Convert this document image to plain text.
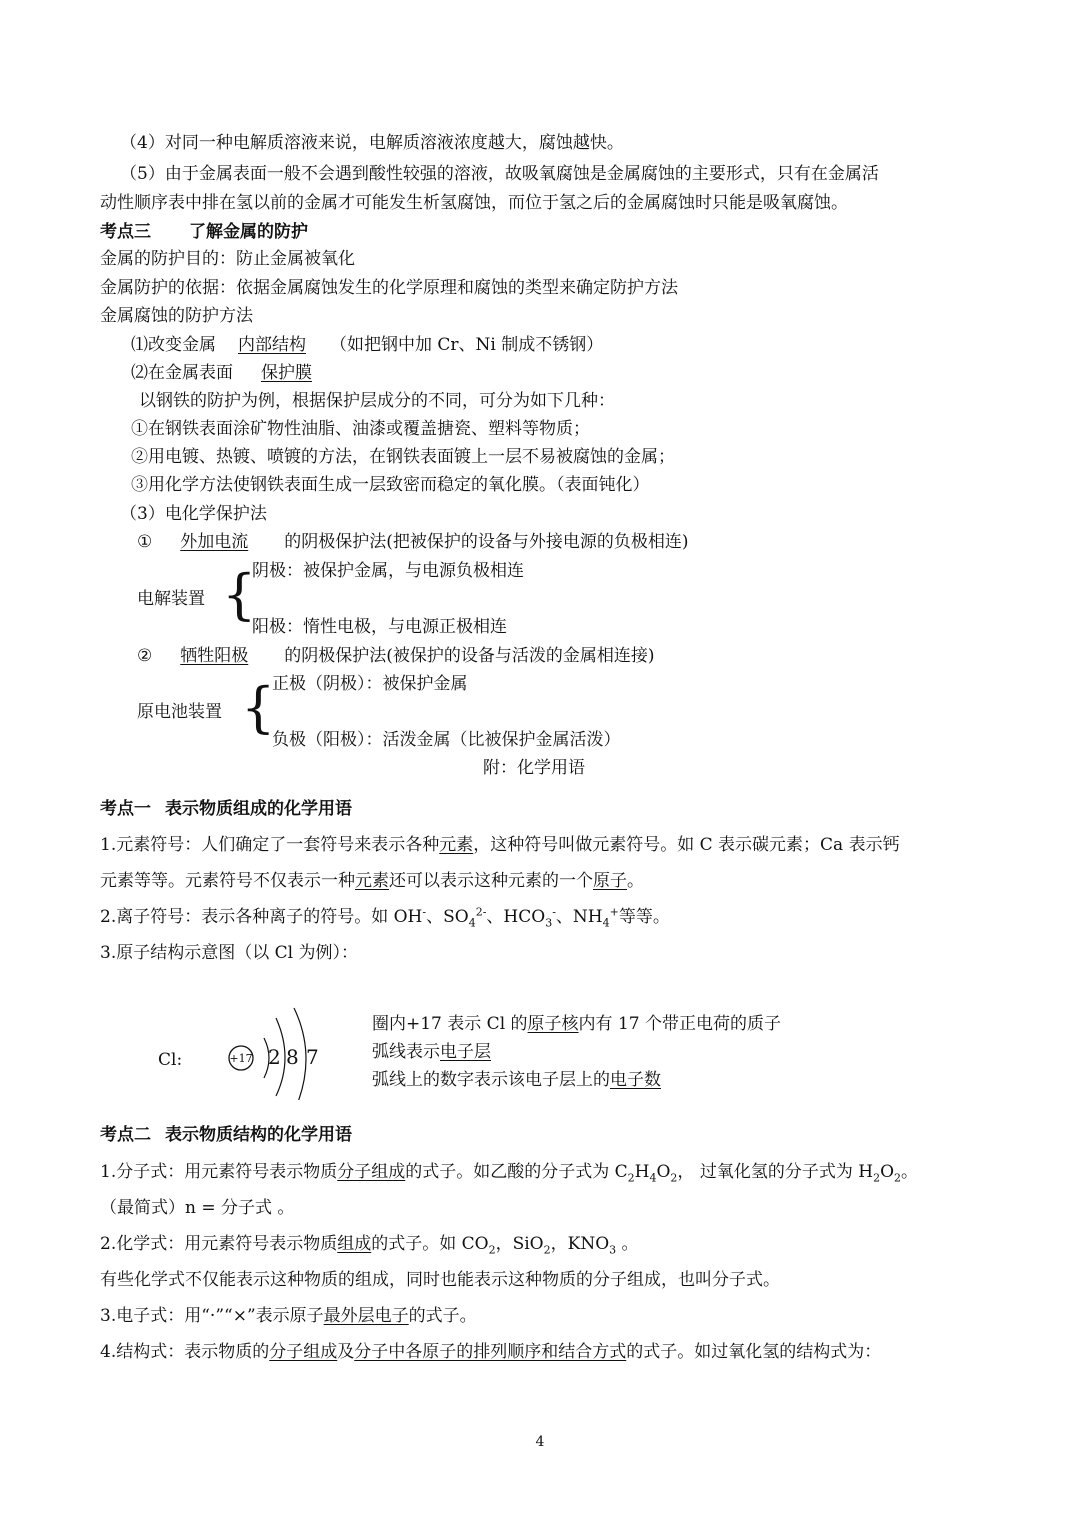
（4）对同一种电解质溶液来说，电解质溶液浓度越大，腐蚀越快。
（5）由于金属表面一般不会遇到酸性较强的溶液，故吸氧腐蚀是金属腐蚀的主要形式，只有在金属活
动性顺序表中排在氢以前的金属才可能发生析氢腐蚀，而位于氢之后的金属腐蚀时只能是吸氧腐蚀。
考点三 了解金属的防护
金属的防护目的：防止金属被氧化
金属防护的依据：依据金属腐蚀发生的化学原理和腐蚀的类型来确定防护方法
金属腐蚀的防护方法
⑴改变金属 内部结构 （如把钢中加 Cr、Ni 制成不锈钢）
⑵在金属表面 保护膜
以钢铁的防护为例，根据保护层成分的不同，可分为如下几种：
①在钢铁表面涂矿物性油脂、油漆或覆盖搪瓷、塑料等物质；
②用电镀、热镀、喷镀的方法，在钢铁表面镀上一层不易被腐蚀的金属；
③用化学方法使钢铁表面生成一层致密而稳定的氧化膜。（表面钝化）
（3）电化学保护法
① 外加电流 的阴极保护法(把被保护的设备与外接电源的负极相连)
电解装置 {
阴极：被保护金属，与电源负极相连
阳极：惰性电极，与电源正极相连
② 牺牲阳极 的阴极保护法(被保护的设备与活泼的金属相连接)
原电池装置 {
正极（阴极）：被保护金属
负极（阳极）：活泼金属（比被保护金属活泼）
附：化学用语
考点一 表示物质组成的化学用语
1.元素符号：人们确定了一套符号来表示各种元素，这种符号叫做元素符号。如 C 表示碳元素；Ca 表示钙
元素等等。元素符号不仅表示一种元素还可以表示这种元素的一个原子。
2.离子符号：表示各种离子的符号。如 OH-、$SO_4^{2-}$、$HCO_3^-$、$NH_4^+$等等。
3.原子结构示意图（以 Cl 为例）：
Cl:	+17 2 8 7
圈内+17 表示 Cl 的原子核内有 17 个带正电荷的质子
弧线表示电子层
弧线上的数字表示该电子层上的电子数
考点二 表示物质结构的化学用语
1.分子式：用元素符号表示物质分子组成的式子。如乙酸的分子式为 $C_2H_4O_2$， 过氧化氢的分子式为 $H_2O_2$。
（最简式）n = 分子式 。
2.化学式：用元素符号表示物质组成的式子。如 $CO_2$，SiO$_2$，$KNO_3$ 。
有些化学式不仅能表示这种物质的组成，同时也能表示这种物质的分子组成，也叫分子式。
3.电子式：用“·”“×”表示原子最外层电子的式子。
4.结构式：表示物质的分子组成及分子中各原子的排列顺序和结合方式的式子。如过氧化氢的结构式为：
4
